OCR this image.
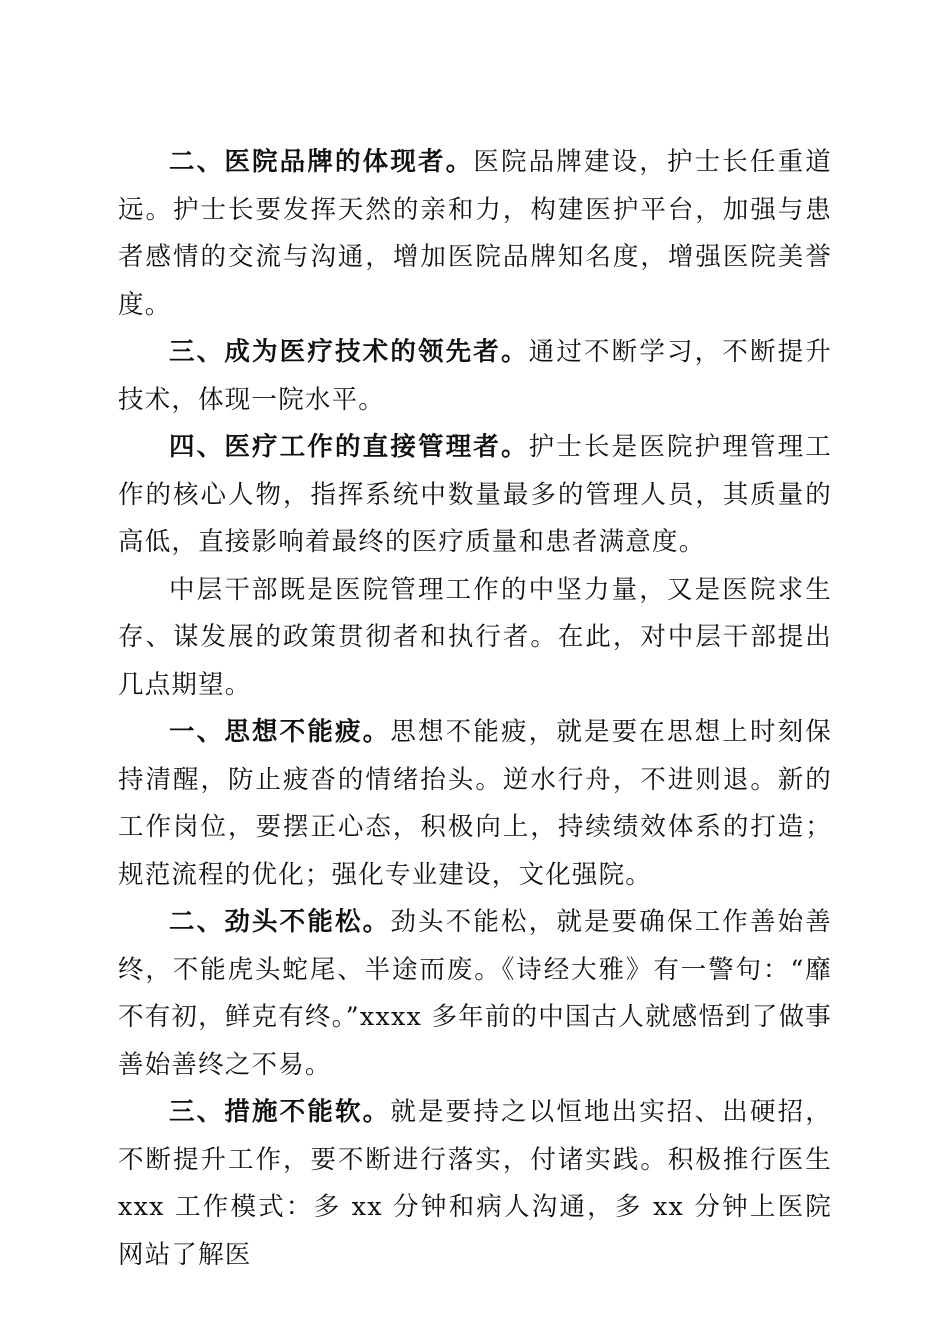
二、医院品牌的体现者。医院品牌建设，护士长任重道远。护士长要发挥天然的亲和力，构建医护平台，加强与患者感情的交流与沟通，增加医院品牌知名度，增强医院美誉度。

三、成为医疗技术的领先者。通过不断学习，不断提升技术，体现一院水平。

四、医疗工作的直接管理者。护士长是医院护理管理工作的核心人物，指挥系统中数量最多的管理人员，其质量的高低，直接影响着最终的医疗质量和患者满意度。

中层干部既是医院管理工作的中坚力量，又是医院求生存、谋发展的政策贯彻者和执行者。在此，对中层干部提出几点期望。

一、思想不能疲。思想不能疲，就是要在思想上时刻保持清醒，防止疲沓的情绪抬头。逆水行舟，不进则退。新的工作岗位，要摆正心态，积极向上，持续绩效体系的打造；规范流程的优化；强化专业建设，文化强院。

二、劲头不能松。劲头不能松，就是要确保工作善始善终，不能虎头蛇尾、半途而废。《诗经大雅》有一警句：“靡不有初，鲜克有终。”xxxx 多年前的中国古人就感悟到了做事善始善终之不易。

三、措施不能软。就是要持之以恒地出实招、出硬招，不断提升工作，要不断进行落实，付诸实践。积极推行医生 xxx 工作模式：多 xx 分钟和病人沟通，多 xx 分钟上医院网站了解医
